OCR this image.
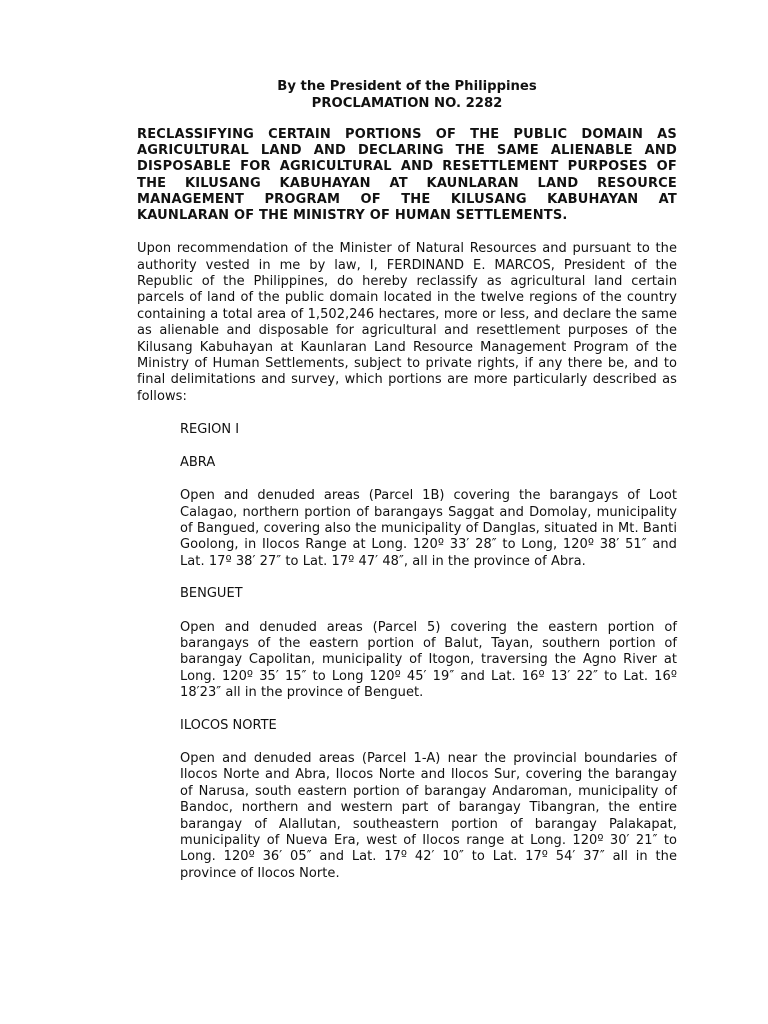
By the President of the Philippines
PROCLAMATION NO. 2282
RECLASSIFYING CERTAIN PORTIONS OF THE PUBLIC DOMAIN AS AGRICULTURAL LAND AND DECLARING THE SAME ALIENABLE AND DISPOSABLE FOR AGRICULTURAL AND RESETTLEMENT PURPOSES OF THE KILUSANG KABUHAYAN AT KAUNLARAN LAND RESOURCE MANAGEMENT PROGRAM OF THE KILUSANG KABUHAYAN AT KAUNLARAN OF THE MINISTRY OF HUMAN SETTLEMENTS.
Upon recommendation of the Minister of Natural Resources and pursuant to the authority vested in me by law, I, FERDINAND E. MARCOS, President of the Republic of the Philippines, do hereby reclassify as agricultural land certain parcels of land of the public domain located in the twelve regions of the country containing a total area of 1,502,246 hectares, more or less, and declare the same as alienable and disposable for agricultural and resettlement purposes of the Kilusang Kabuhayan at Kaunlaran Land Resource Management Program of the Ministry of Human Settlements, subject to private rights, if any there be, and to final delimitations and survey, which portions are more particularly described as follows:
REGION I
ABRA
Open and denuded areas (Parcel 1B) covering the barangays of Loot Calagao, northern portion of barangays Saggat and Domolay, municipality of Bangued, covering also the municipality of Danglas, situated in Mt. Banti Goolong, in Ilocos Range at Long. 120º 33′ 28″ to Long, 120º 38′ 51″ and Lat. 17º 38′ 27″ to Lat. 17º 47′ 48″, all in the province of Abra.
BENGUET
Open and denuded areas (Parcel 5) covering the eastern portion of barangays of the eastern portion of Balut, Tayan, southern portion of barangay Capolitan, municipality of Itogon, traversing the Agno River at Long. 120º 35′ 15″ to Long 120º 45′ 19″ and Lat. 16º 13′ 22″ to Lat. 16º 18′23″ all in the province of Benguet.
ILOCOS NORTE
Open and denuded areas (Parcel 1-A) near the provincial boundaries of Ilocos Norte and Abra, Ilocos Norte and Ilocos Sur, covering the barangay of Narusa, south eastern portion of barangay Andaroman, municipality of Bandoc, northern and western part of barangay Tibangran, the entire barangay of Alallutan, southeastern portion of barangay Palakapat, municipality of Nueva Era, west of Ilocos range at Long. 120º 30′ 21″ to Long. 120º 36′ 05″ and Lat. 17º 42′ 10″ to Lat. 17º 54′ 37″ all in the province of Ilocos Norte.
